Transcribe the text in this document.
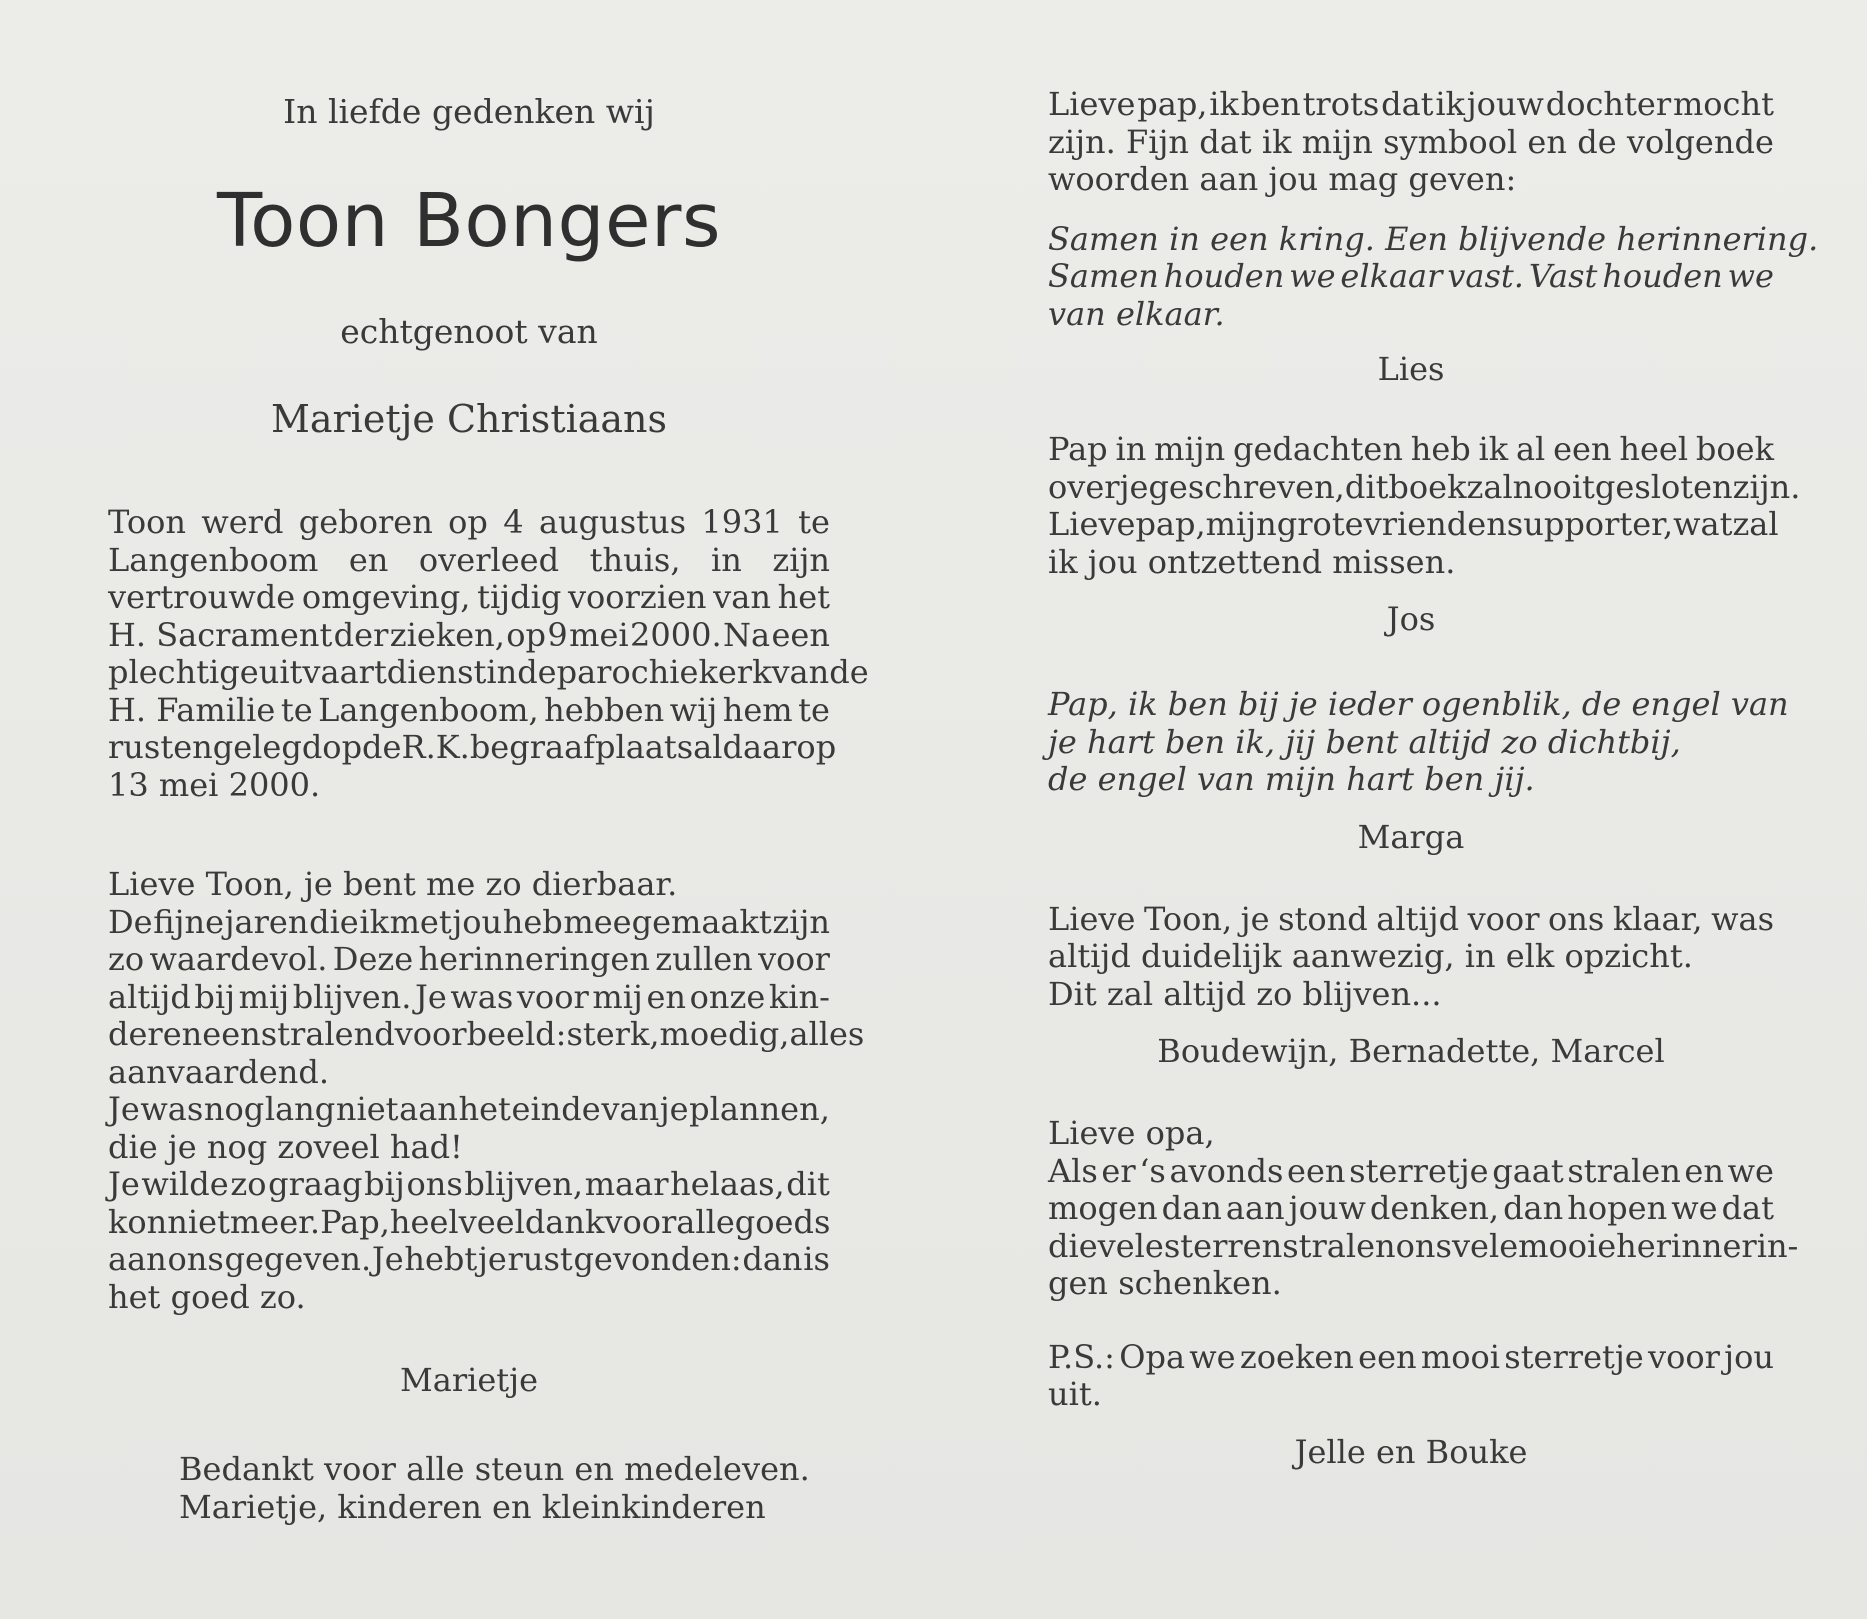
In liefde gedenken wij
Toon Bongers
echtgenoot van
Marietje Christiaans
Toon werd geboren op 4 augustus 1931 te
Langenboom en overleed thuis, in zijn
vertrouwde omgeving, tijdig voorzien van het
H. Sacrament der zieken, op 9 mei 2000. Na een
plechtige uitvaartdienst in de parochiekerk van de
H. Familie te Langenboom, hebben wij hem te
rusten gelegd op de R.K. begraafplaats aldaar op
13 mei 2000.
Lieve Toon, je bent me zo dierbaar.
De fijne jaren die ik met jou heb meegemaakt zijn
zo waardevol. Deze herinneringen zullen voor
altijd bij mij blijven. Je was voor mij en onze kin-
deren een stralend voorbeeld: sterk, moedig, alles
aanvaardend.
Je was nog lang niet aan het einde van je plannen,
die je nog zoveel had!
Je wilde zo graag bij ons blijven, maar helaas, dit
kon niet meer. Pap, heel veel dank voor alle goeds
aan ons gegeven. Je hebt je rust gevonden: dan is
het goed zo.
Marietje
Bedankt voor alle steun en medeleven.
Marietje, kinderen en kleinkinderen
Lieve pap, ik ben trots dat ik jouw dochter mocht
zijn. Fijn dat ik mijn symbool en de volgende
woorden aan jou mag geven:
Samen in een kring. Een blijvende herinnering.
Samen houden we elkaar vast. Vast houden we
van elkaar.
Lies
Pap in mijn gedachten heb ik al een heel boek
over je geschreven, dit boek zal nooit gesloten zijn.
Lieve pap, mijn grote vriend en supporter, wat zal
ik jou ontzettend missen.
Jos
Pap, ik ben bij je ieder ogenblik, de engel van
je hart ben ik, jij bent altijd zo dichtbij,
de engel van mijn hart ben jij.
Marga
Lieve Toon, je stond altijd voor ons klaar, was
altijd duidelijk aanwezig, in elk opzicht.
Dit zal altijd zo blijven...
Boudewijn, Bernadette, Marcel
Lieve opa,
Als er ‘s avonds een sterretje gaat stralen en we
mogen dan aan jouw denken, dan hopen we dat
die vele sterrenstralen ons vele mooie herinnerin-
gen schenken.
P.S.: Opa we zoeken een mooi sterretje voor jou
uit.
Jelle en Bouke
